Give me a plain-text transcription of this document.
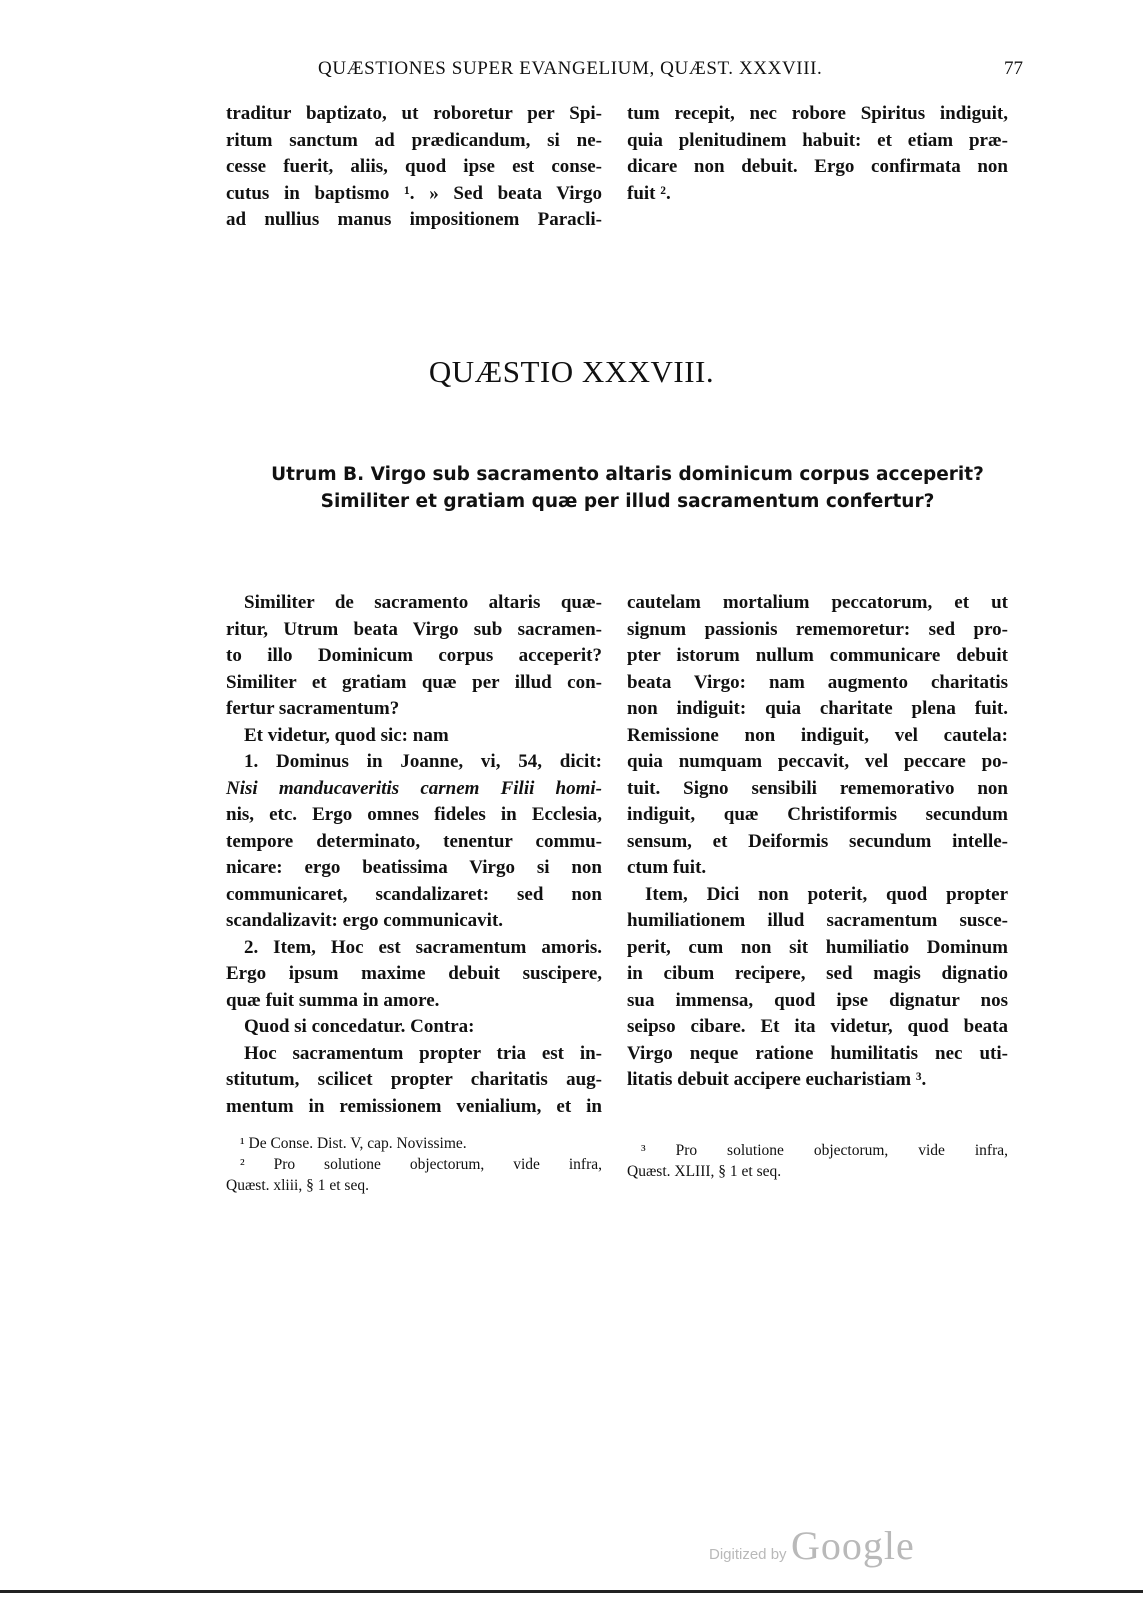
QUÆSTIONES SUPER EVANGELIUM, QUÆST. XXXVIII.	77
traditur baptizato, ut roboretur per Spi-
ritum sanctum ad prædicandum, si ne-
cesse fuerit, aliis, quod ipse est conse-
cutus in baptismo ¹. » Sed beata Virgo
ad nullius manus impositionem Paracli-
tum recepit, nec robore Spiritus indiguit,
quia plenitudinem habuit: et etiam præ-
dicare non debuit. Ergo confirmata non
fuit ².
QUÆSTIO XXXVIII.
Utrum B. Virgo sub sacramento altaris dominicum corpus acceperit?
Similiter et gratiam quæ per illud sacramentum confertur?
Similiter de sacramento altaris quæ-
ritur, Utrum beata Virgo sub sacramen-
to illo Dominicum corpus acceperit?
Similiter et gratiam quæ per illud con-
fertur sacramentum?
Et videtur, quod sic: nam
1. Dominus in Joanne, vi, 54, dicit:
Nisi manducaveritis carnem Filii homi-
nis, etc. Ergo omnes fideles in Ecclesia,
tempore determinato, tenentur commu-
nicare: ergo beatissima Virgo si non
communicaret, scandalizaret: sed non
scandalizavit: ergo communicavit.
2. Item, Hoc est sacramentum amoris.
Ergo ipsum maxime debuit suscipere,
quæ fuit summa in amore.
Quod si concedatur. Contra:
Hoc sacramentum propter tria est in-
stitutum, scilicet propter charitatis aug-
mentum in remissionem venialium, et in
cautelam mortalium peccatorum, et ut
signum passionis rememoretur: sed pro-
pter istorum nullum communicare debuit
beata Virgo: nam augmento charitatis
non indiguit: quia charitate plena fuit.
Remissione non indiguit, vel cautela:
quia numquam peccavit, vel peccare po-
tuit. Signo sensibili rememorativo non
indiguit, quæ Christiformis secundum
sensum, et Deiformis secundum intelle-
ctum fuit.
Item, Dici non poterit, quod propter
humiliationem illud sacramentum susce-
perit, cum non sit humiliatio Dominum
in cibum recipere, sed magis dignatio
sua immensa, quod ipse dignatur nos
seipso cibare. Et ita videtur, quod beata
Virgo neque ratione humilitatis nec uti-
litatis debuit accipere eucharistiam ³.
¹ De Conse. Dist. V, cap. Novissime.
² Pro solutione objectorum, vide infra,
Quæst. xliii, § 1 et seq.
³ Pro solutione objectorum, vide infra,
Quæst. XLIII, § 1 et seq.
Digitized by Google
